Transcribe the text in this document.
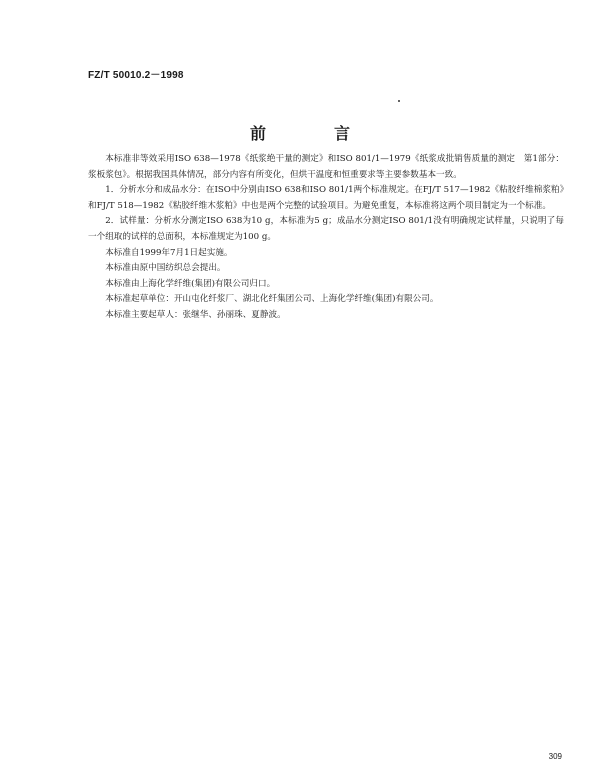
FZ/T 50010.2－1998
前　言

本标准非等效采用ISO 638—1978《纸浆绝干量的测定》和ISO 801/1—1979《纸浆成批销售质量的测定　第1部分：浆板浆包》。根据我国具体情况，部分内容有所变化，但烘干温度和恒重要求等主要参数基本一致。

1．分析水分和成品水分：在ISO中分别由ISO 638和ISO 801/1两个标准规定。在FJ/T 517—1982《粘胶纤维棉浆粕》和FJ/T 518—1982《粘胶纤维木浆粕》中也是两个完整的试验项目。为避免重复，本标准将这两个项目制定为一个标准。

2．试样量：分析水分测定ISO 638为10 g，本标准为5 g；成品水分测定ISO 801/1没有明确规定试样量，只说明了每一个组取的试样的总面积，本标准规定为100 g。

本标准自1999年7月1日起实施。

本标准由原中国纺织总会提出。

本标准由上海化学纤维(集团)有限公司归口。

本标准起草单位：开山屯化纤浆厂、湖北化纤集团公司、上海化学纤维(集团)有限公司。

本标准主要起草人：张继华、孙丽珠、夏静波。

309
